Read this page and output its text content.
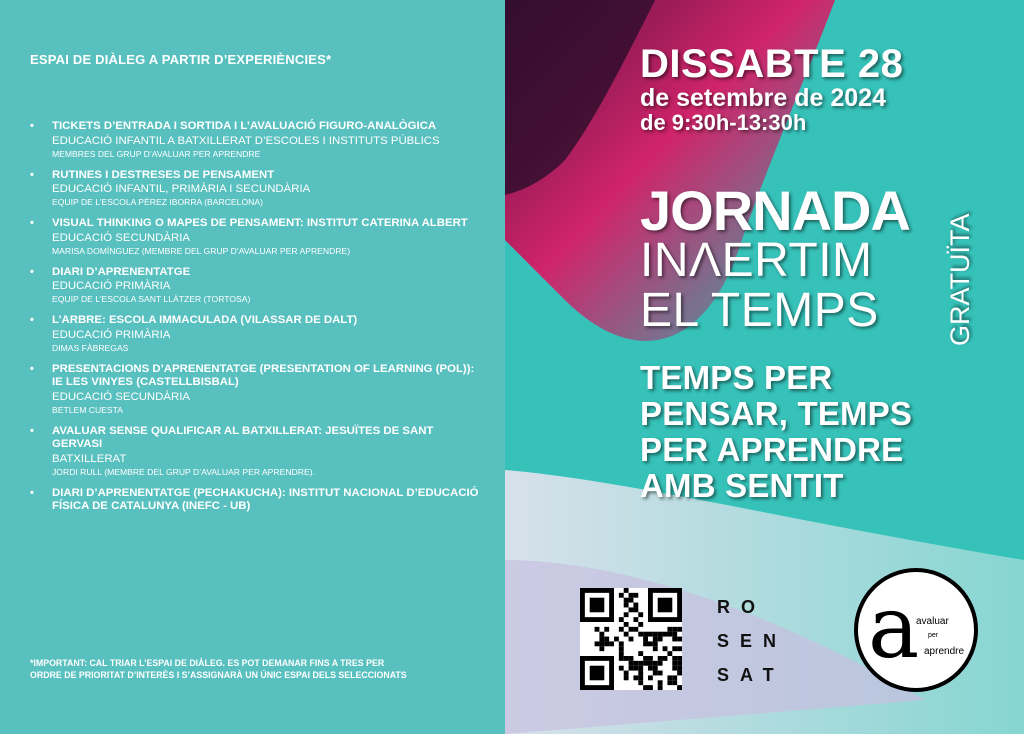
ESPAI DE DIÀLEG A PARTIR D’EXPERIÈNCIES*
• TICKETS D’ENTRADA I SORTIDA I L’AVALUACIÓ FIGURO-ANALÒGICA
EDUCACIÓ INFANTIL A BATXILLERAT D’ESCOLES I INSTITUTS PÚBLICS
MEMBRES DEL GRUP D’AVALUAR PER APRENDRE
• RUTINES I DESTRESES DE PENSAMENT
EDUCACIÓ INFANTIL, PRIMÀRIA I SECUNDÀRIA
EQUIP DE L’ESCOLA PÉREZ IBORRA (BARCELONA)
• VISUAL THINKING O MAPES DE PENSAMENT: INSTITUT CATERINA ALBERT
EDUCACIÓ SECUNDÀRIA
MARISA DOMÍNGUEZ (MEMBRE DEL GRUP D’AVALUAR PER APRENDRE)
• DIARI D’APRENENTATGE
EDUCACIÓ PRIMÀRIA
EQUIP DE L’ESCOLA SANT LLÀTZER (TORTOSA)
• L’ARBRE: ESCOLA IMMACULADA (VILASSAR DE DALT)
EDUCACIÓ PRIMÀRIA
DIMAS FÀBREGAS
• PRESENTACIONS D’APRENENTATGE (PRESENTATION OF LEARNING (POL)): IE LES VINYES (CASTELLBISBAL)
EDUCACIÓ SECUNDÀRIA
BETLEM CUESTA
• AVALUAR SENSE QUALIFICAR AL BATXILLERAT: JESUÏTES DE SANT GERVASI
BATXILLERAT
JORDI RULL (MEMBRE DEL GRUP D’AVALUAR PER APRENDRE).
• DIARI D’APRENENTATGE (PECHAKUCHA): INSTITUT NACIONAL D’EDUCACIÓ FÍSICA DE CATALUNYA (INEFC - UB)
*IMPORTANT: CAL TRIAR L’ESPAI DE DIÀLEG. ES POT DEMANAR FINS A TRES PER ORDRE DE PRIORITAT D’INTERÈS I S’ASSIGNARÀ UN ÚNIC ESPAI DELS SELECCIONATS
DISSABTE 28
de setembre de 2024
de 9:30h-13:30h
JORNADA
INΛERTIM
EL TEMPS GRATUÏTA
TEMPS PER
PENSAR, TEMPS
PER APRENDRE
AMB SENTIT
RO
SEN
SAT a
avaluar
per
aprendre
